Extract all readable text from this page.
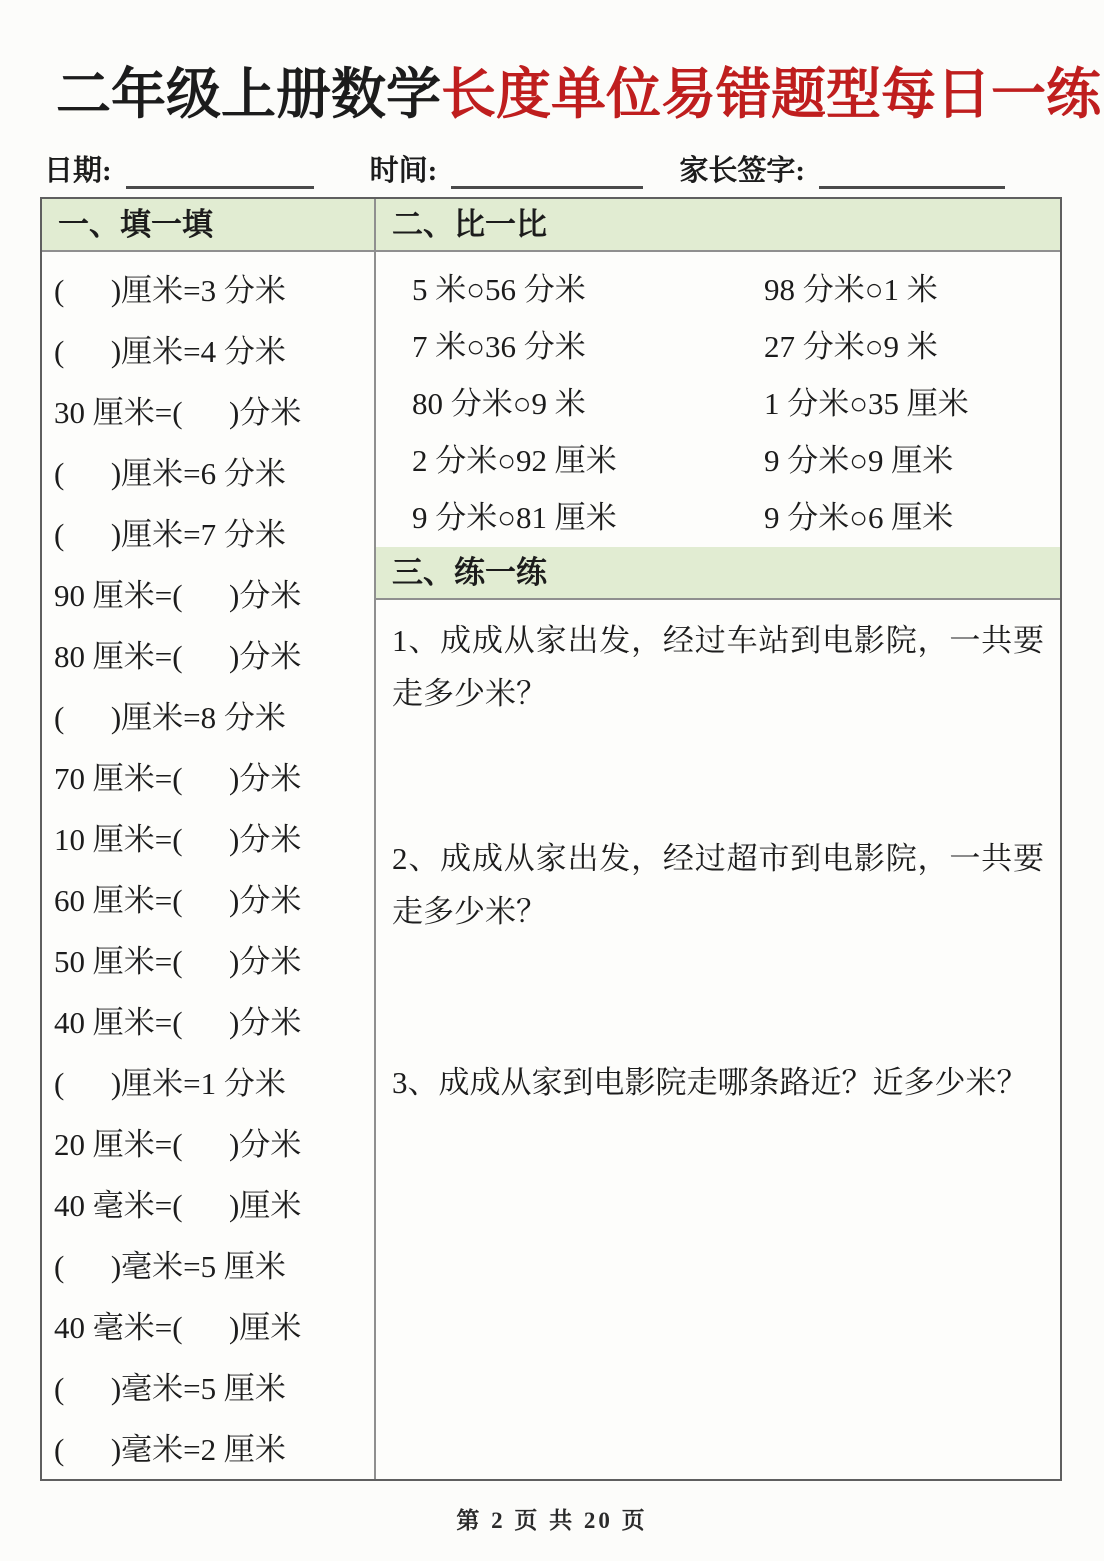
二年级上册数学长度单位易错题型每日一练
日期:	时间:	家长签字:
一、填一填
(      )厘米=3 分米
(      )厘米=4 分米
30 厘米=(      )分米
(      )厘米=6 分米
(      )厘米=7 分米
90 厘米=(      )分米
80 厘米=(      )分米
(      )厘米=8 分米
70 厘米=(      )分米
10 厘米=(      )分米
60 厘米=(      )分米
50 厘米=(      )分米
40 厘米=(      )分米
(      )厘米=1 分米
20 厘米=(      )分米
40 毫米=(      )厘米
(      )毫米=5 厘米
40 毫米=(      )厘米
(      )毫米=5 厘米
(      )毫米=2 厘米
二、比一比
5 米○56 分米	98 分米○1 米
7 米○36 分米	27 分米○9 米
80 分米○9 米	1 分米○35 厘米
2 分米○92 厘米	9 分米○9 厘米
9 分米○81 厘米	9 分米○6 厘米
三、练一练
1、成成从家出发，经过车站到电影院，一共要走多少米？
2、成成从家出发，经过超市到电影院，一共要走多少米？
3、成成从家到电影院走哪条路近？近多少米？
第 2 页 共 20 页
